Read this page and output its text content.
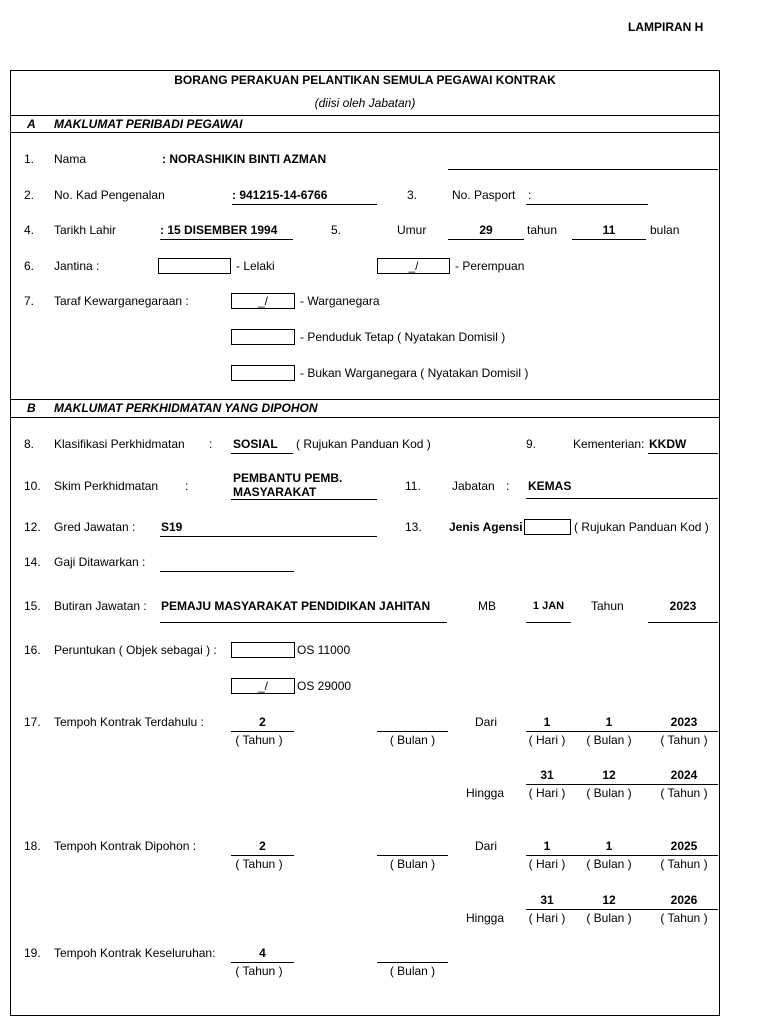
LAMPIRAN H
BORANG PERAKUAN PELANTIKAN SEMULA PEGAWAI KONTRAK
(diisi oleh Jabatan)
A MAKLUMAT PERIBADI PEGAWAI
1. Nama	: NORASHIKIN BINTI AZMAN
2. No. Kad Pengenalan	: 941215-14-6766	3.	No. Pasport :
4. Tarikh Lahir	: 15 DISEMBER 1994	5.	Umur	29	tahun	11	bulan
6. Jantina :	- Lelaki	_/	- Perempuan
7. Taraf Kewarganegaraan :	_/	- Warganegara
- Penduduk Tetap ( Nyatakan Domisil )
- Bukan Warganegara ( Nyatakan Domisil )
B MAKLUMAT PERKHIDMATAN YANG DIPOHON
8. Klasifikasi Perkhidmatan : SOSIAL ( Rujukan Panduan Kod )	9.	Kementerian: KKDW
10. Skim Perkhidmatan :
PEMBANTU PEMB.
MASYARAKAT	11.	Jabatan : KEMAS
12. Gred Jawatan : S19	13. Jenis Agensi	( Rujukan Panduan Kod )
14. Gaji Ditawarkan :
15. Butiran Jawatan : PEMAJU MASYARAKAT PENDIDIKAN JAHITAN	MB	1 JAN	Tahun	2023
16. Peruntukan ( Objek sebagai ) :	OS 11000
_/	OS 29000
17. Tempoh Kontrak Terdahulu :	2
( Tahun )	( Bulan )
Dari	1	1	2023
( Hari )	( Bulan )	( Tahun )
31	12	2024
Hingga	( Hari )	( Bulan )	( Tahun )
18. Tempoh Kontrak Dipohon :	2
( Tahun )	( Bulan )
Dari	1	1	2025
( Hari )	( Bulan )	( Tahun )
31	12	2026
Hingga	( Hari )	( Bulan )	( Tahun )
19. Tempoh Kontrak Keseluruhan:	4
( Tahun )	( Bulan )
